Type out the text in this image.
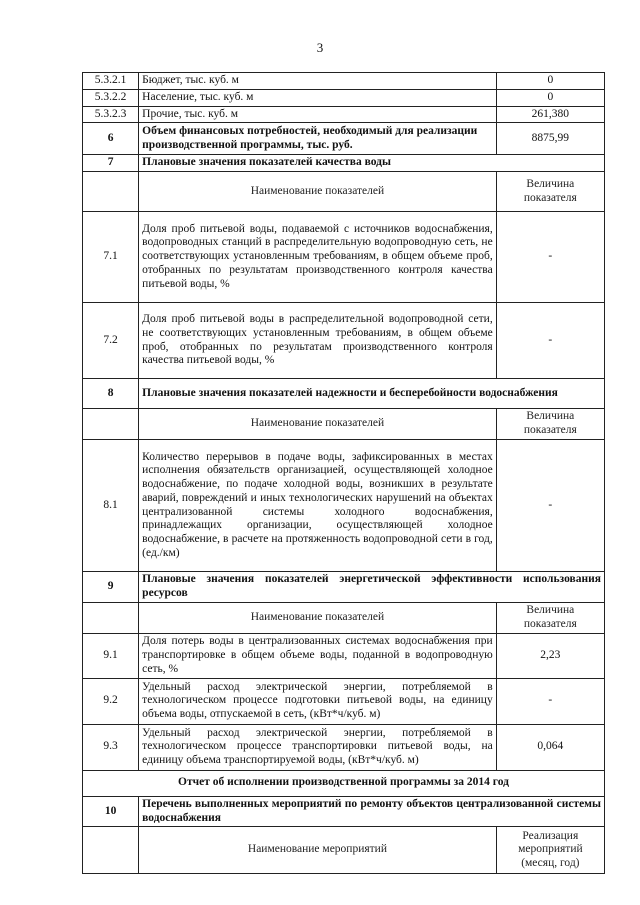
3
5.3.2.1	Бюджет, тыс. куб. м	0
5.3.2.2	Население, тыс. куб. м	0
5.3.2.3	Прочие, тыс. куб. м	261,380
6	Объем финансовых потребностей, необходимый для реализации производственной программы, тыс. руб.	8875,99
7	Плановые значения показателей качества воды	
	Наименование показателей	Величина показателя
7.1	Доля проб питьевой воды, подаваемой с источников водоснабжения, водопроводных станций в распределительную водопроводную сеть, не соответствующих установленным требованиям, в общем объеме проб, отобранных по результатам производственного контроля качества питьевой воды, %	-
7.2	Доля проб питьевой воды в распределительной водопроводной сети, не соответствующих установленным требованиям, в общем объеме проб, отобранных по результатам производственного контроля качества питьевой воды, %	-
8	Плановые значения показателей надежности и бесперебойности водоснабжения	
	Наименование показателей	Величина показателя
8.1	Количество перерывов в подаче воды, зафиксированных в местах исполнения обязательств организацией, осуществляющей холодное водоснабжение, по подаче холодной воды, возникших в результате аварий, повреждений и иных технологических нарушений на объектах централизованной системы холодного водоснабжения, принадлежащих организации, осуществляющей холодное водоснабжение, в расчете на протяженность водопроводной сети в год, (ед./км)	-
9	Плановые значения показателей энергетической эффективности использования ресурсов	
	Наименование показателей	Величина показателя
9.1	Доля потерь воды в централизованных системах водоснабжения при транспортировке в общем объеме воды, поданной в водопроводную сеть, %	2,23
9.2	Удельный расход электрической энергии, потребляемой в технологическом процессе подготовки питьевой воды, на единицу объема воды, отпускаемой в сеть, (кВт*ч/куб. м)	-
9.3	Удельный расход электрической энергии, потребляемой в технологическом процессе транспортировки питьевой воды, на единицу объема транспортируемой воды, (кВт*ч/куб. м)	0,064
Отчет об исполнении производственной программы за 2014 год		
10	Перечень выполненных мероприятий по ремонту объектов централизованной системы водоснабжения	
	Наименование мероприятий	Реализация мероприятий (месяц, год)
